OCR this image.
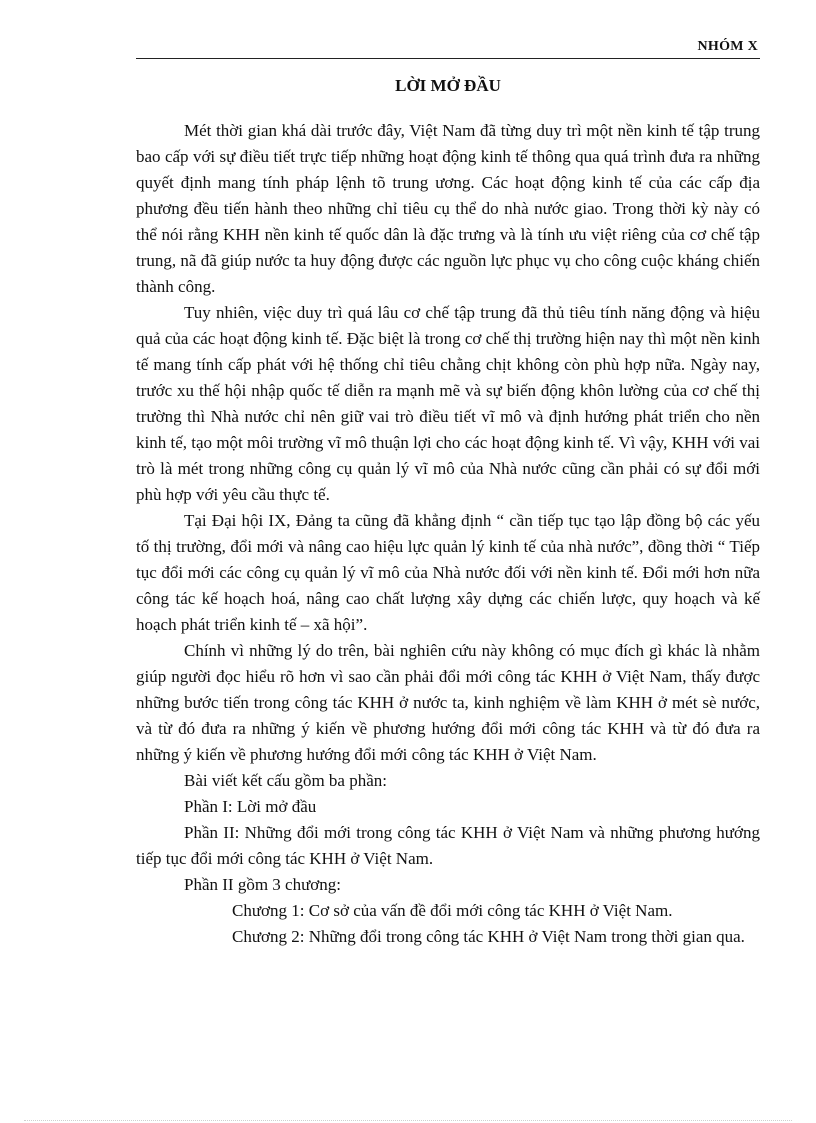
NHÓM X
LỜI MỞ ĐẦU

Mét thời gian khá dài trước đây, Việt Nam đã từng duy trì một nền kinh tế tập trung bao cấp với sự điều tiết trực tiếp những hoạt động kinh tế thông qua quá trình đưa ra những quyết định mang tính pháp lệnh tõ trung ương. Các hoạt động kinh tế của các cấp địa phương đều tiến hành theo những chỉ tiêu cụ thể do nhà nước giao. Trong thời kỳ này có thể nói rằng KHH nền kinh tế quốc dân là đặc trưng và là tính ưu việt riêng của cơ chế tập trung, nã đã giúp nước ta huy động được các nguồn lực phục vụ cho công cuộc kháng chiến thành công.

Tuy nhiên, việc duy trì quá lâu cơ chế tập trung đã thủ tiêu tính năng động và hiệu quả của các hoạt động kinh tế. Đặc biệt là trong cơ chế thị trường hiện nay thì một nền kinh tế mang tính cấp phát với hệ thống chỉ tiêu chằng chịt không còn phù hợp nữa. Ngày nay, trước xu thế hội nhập quốc tế diễn ra mạnh mẽ và sự biến động khôn lường của cơ chế thị trường thì Nhà nước chỉ nên giữ vai trò điều tiết vĩ mô và định hướng phát triển cho nền kinh tế, tạo một môi trường vĩ mô thuận lợi cho các hoạt động kinh tế. Vì vậy, KHH với vai trò là mét trong những công cụ quản lý vĩ mô của Nhà nước cũng cần phải có sự đổi mới phù hợp với yêu cầu thực tế.

Tại Đại hội IX, Đảng ta cũng đã khẳng định “ cần tiếp tục tạo lập đồng bộ các yếu tố thị trường, đổi mới và nâng cao hiệu lực quản lý kinh tế của nhà nước”, đồng thời “ Tiếp tục đổi mới các công cụ quản lý vĩ mô của Nhà nước đối với nền kinh tế. Đổi mới hơn nữa công tác kế hoạch hoá, nâng cao chất lượng xây dựng các chiến lược, quy hoạch và kế hoạch phát triển kinh tế – xã hội”.

Chính vì những lý do trên, bài nghiên cứu này không có mục đích gì khác là nhằm giúp người đọc hiểu rõ hơn vì sao cần phải đổi mới công tác KHH ở Việt Nam, thấy được những bước tiến trong công tác KHH ở nước ta, kinh nghiệm về làm KHH ở mét sè nước, và từ đó đưa ra những ý kiến về phương hướng đổi mới công tác KHH và từ đó đưa ra những ý kiến về phương hướng đổi mới công tác KHH ở Việt Nam.

Bài viết kết cấu gồm ba phần:

Phần I: Lời mở đầu

Phần II: Những đổi mới trong công tác KHH ở Việt Nam và những phương hướng tiếp tục đổi mới công tác KHH ở Việt Nam.

Phần II gồm 3 chương:

Chương 1: Cơ sở của vấn đề đổi mới công tác KHH ở Việt Nam.

Chương 2: Những đổi trong công tác KHH ở Việt Nam trong thời gian qua.
